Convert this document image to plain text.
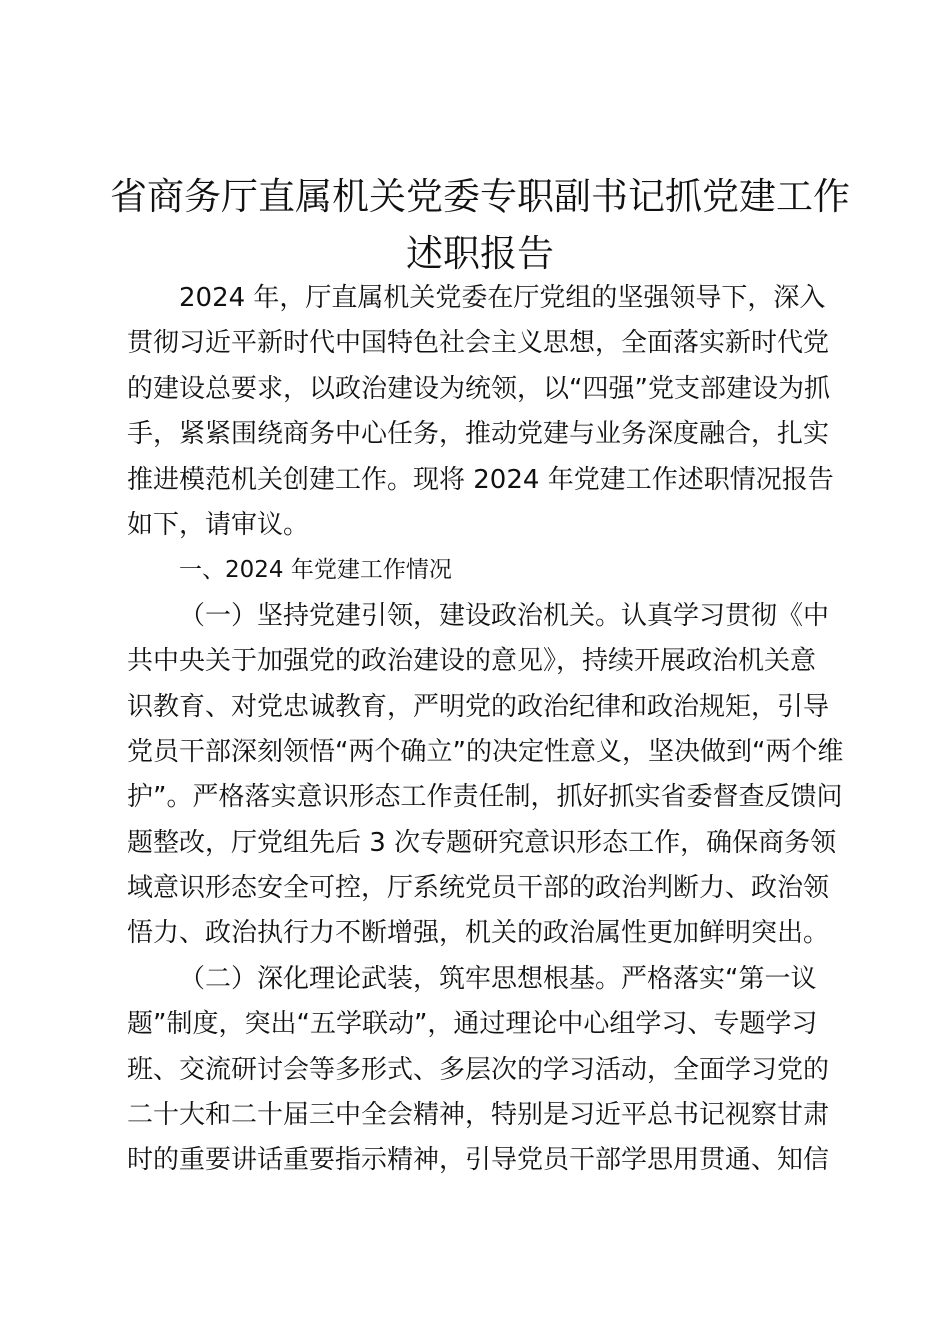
省商务厅直属机关党委专职副书记抓党建工作
述职报告
2024 年，厅直属机关党委在厅党组的坚强领导下，深入
贯彻习近平新时代中国特色社会主义思想，全面落实新时代党
的建设总要求，以政治建设为统领，以“四强”党支部建设为抓
手，紧紧围绕商务中心任务，推动党建与业务深度融合，扎实
推进模范机关创建工作。现将 2024 年党建工作述职情况报告
如下，请审议。
一、2024 年党建工作情况
（一）坚持党建引领，建设政治机关。认真学习贯彻《中
共中央关于加强党的政治建设的意见》，持续开展政治机关意
识教育、对党忠诚教育，严明党的政治纪律和政治规矩，引导
党员干部深刻领悟“两个确立”的决定性意义，坚决做到“两个维
护”。严格落实意识形态工作责任制，抓好抓实省委督查反馈问
题整改，厅党组先后 3 次专题研究意识形态工作，确保商务领
域意识形态安全可控，厅系统党员干部的政治判断力、政治领
悟力、政治执行力不断增强，机关的政治属性更加鲜明突出。
（二）深化理论武装，筑牢思想根基。严格落实“第一议
题”制度，突出“五学联动”，通过理论中心组学习、专题学习
班、交流研讨会等多形式、多层次的学习活动，全面学习党的
二十大和二十届三中全会精神，特别是习近平总书记视察甘肃
时的重要讲话重要指示精神，引导党员干部学思用贯通、知信
